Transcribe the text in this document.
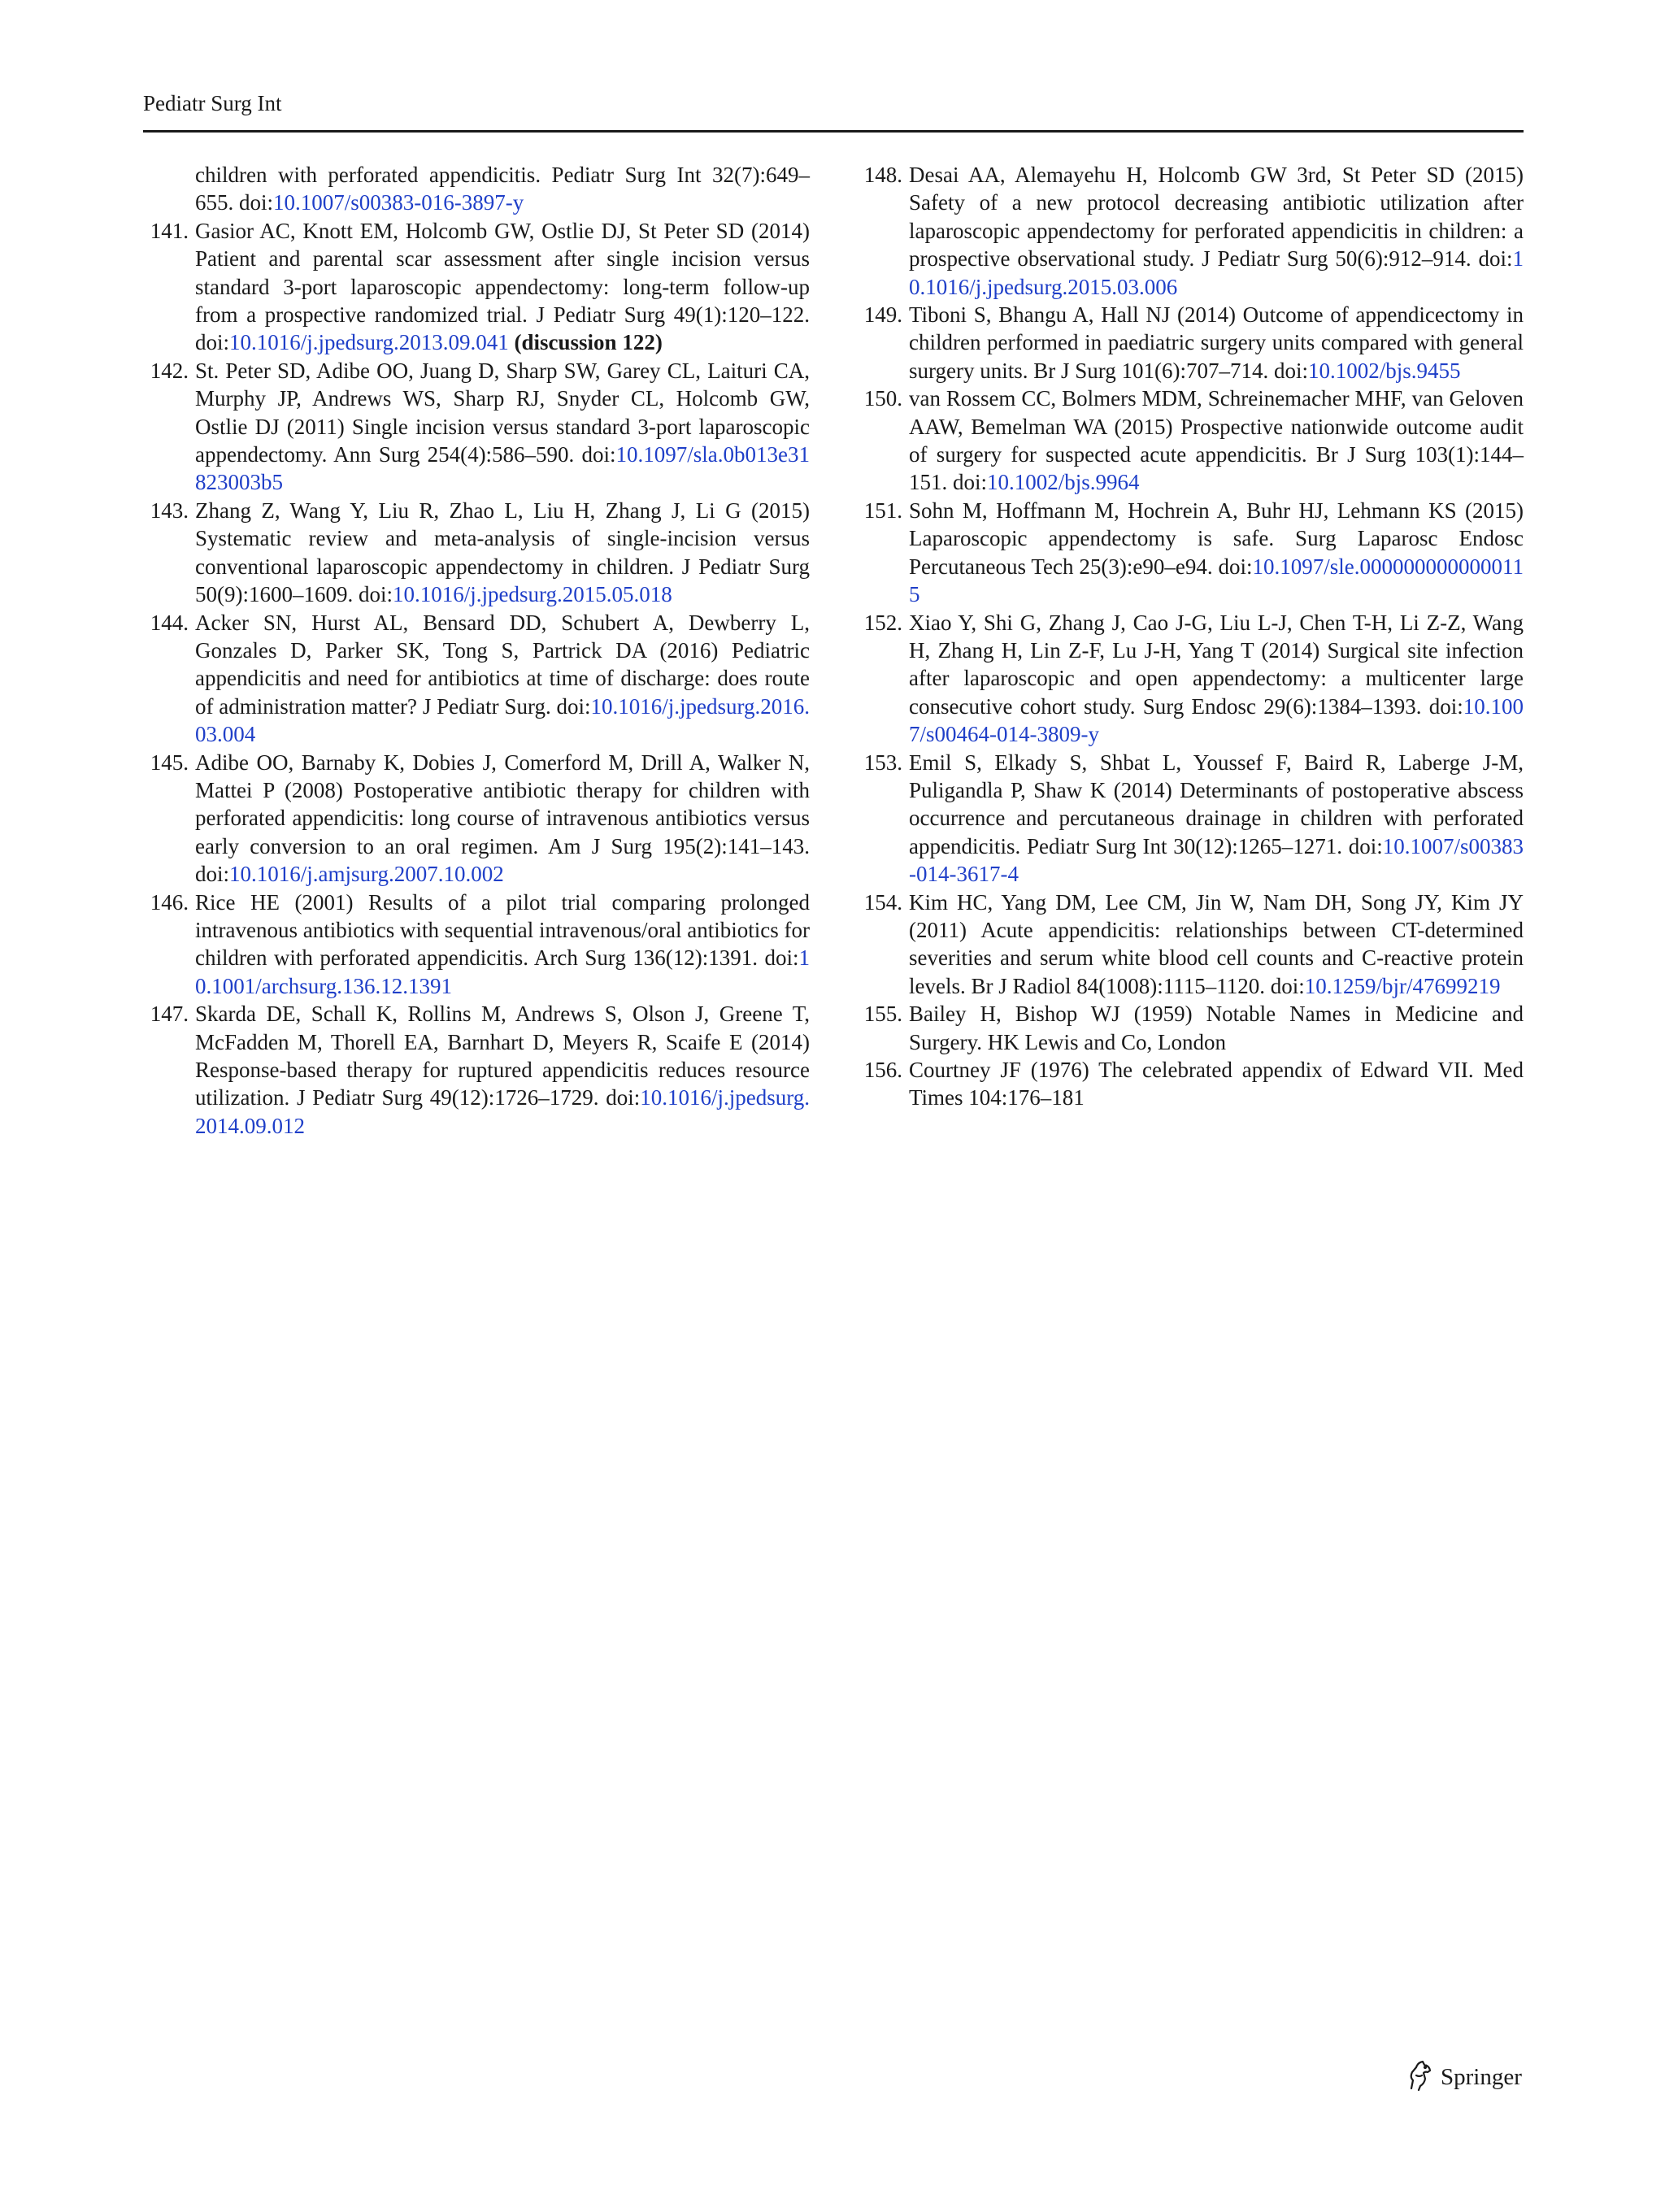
Pediatr Surg Int
children with perforated appendicitis. Pediatr Surg Int 32(7):649–655. doi:10.1007/s00383-016-3897-y
141. Gasior AC, Knott EM, Holcomb GW, Ostlie DJ, St Peter SD (2014) Patient and parental scar assessment after single incision versus standard 3-port laparoscopic appendectomy: long-term follow-up from a prospective randomized trial. J Pediatr Surg 49(1):120–122. doi:10.1016/j.jpedsurg.2013.09.041 (discussion 122)
142. St. Peter SD, Adibe OO, Juang D, Sharp SW, Garey CL, Laituri CA, Murphy JP, Andrews WS, Sharp RJ, Snyder CL, Holcomb GW, Ostlie DJ (2011) Single incision versus standard 3-port laparoscopic appendectomy. Ann Surg 254(4):586–590. doi:10.1097/sla.0b013e31823003b5
143. Zhang Z, Wang Y, Liu R, Zhao L, Liu H, Zhang J, Li G (2015) Systematic review and meta-analysis of single-incision versus conventional laparoscopic appendectomy in children. J Pediatr Surg 50(9):1600–1609. doi:10.1016/j.jpedsurg.2015.05.018
144. Acker SN, Hurst AL, Bensard DD, Schubert A, Dewberry L, Gonzales D, Parker SK, Tong S, Partrick DA (2016) Pediatric appendicitis and need for antibiotics at time of discharge: does route of administration matter? J Pediatr Surg. doi:10.1016/j.jpedsurg.2016.03.004
145. Adibe OO, Barnaby K, Dobies J, Comerford M, Drill A, Walker N, Mattei P (2008) Postoperative antibiotic therapy for children with perforated appendicitis: long course of intravenous antibiotics versus early conversion to an oral regimen. Am J Surg 195(2):141–143. doi:10.1016/j.amjsurg.2007.10.002
146. Rice HE (2001) Results of a pilot trial comparing prolonged intravenous antibiotics with sequential intravenous/oral antibiotics for children with perforated appendicitis. Arch Surg 136(12):1391. doi:10.1001/archsurg.136.12.1391
147. Skarda DE, Schall K, Rollins M, Andrews S, Olson J, Greene T, McFadden M, Thorell EA, Barnhart D, Meyers R, Scaife E (2014) Response-based therapy for ruptured appendicitis reduces resource utilization. J Pediatr Surg 49(12):1726–1729. doi:10.1016/j.jpedsurg.2014.09.012
148. Desai AA, Alemayehu H, Holcomb GW 3rd, St Peter SD (2015) Safety of a new protocol decreasing antibiotic utilization after laparoscopic appendectomy for perforated appendicitis in children: a prospective observational study. J Pediatr Surg 50(6):912–914. doi:10.1016/j.jpedsurg.2015.03.006
149. Tiboni S, Bhangu A, Hall NJ (2014) Outcome of appendicectomy in children performed in paediatric surgery units compared with general surgery units. Br J Surg 101(6):707–714. doi:10.1002/bjs.9455
150. van Rossem CC, Bolmers MDM, Schreinemacher MHF, van Geloven AAW, Bemelman WA (2015) Prospective nationwide outcome audit of surgery for suspected acute appendicitis. Br J Surg 103(1):144–151. doi:10.1002/bjs.9964
151. Sohn M, Hoffmann M, Hochrein A, Buhr HJ, Lehmann KS (2015) Laparoscopic appendectomy is safe. Surg Laparosc Endosc Percutaneous Tech 25(3):e90–e94. doi:10.1097/sle.0000000000000115
152. Xiao Y, Shi G, Zhang J, Cao J-G, Liu L-J, Chen T-H, Li Z-Z, Wang H, Zhang H, Lin Z-F, Lu J-H, Yang T (2014) Surgical site infection after laparoscopic and open appendectomy: a multicenter large consecutive cohort study. Surg Endosc 29(6):1384–1393. doi:10.1007/s00464-014-3809-y
153. Emil S, Elkady S, Shbat L, Youssef F, Baird R, Laberge J-M, Puligandla P, Shaw K (2014) Determinants of postoperative abscess occurrence and percutaneous drainage in children with perforated appendicitis. Pediatr Surg Int 30(12):1265–1271. doi:10.1007/s00383-014-3617-4
154. Kim HC, Yang DM, Lee CM, Jin W, Nam DH, Song JY, Kim JY (2011) Acute appendicitis: relationships between CT-determined severities and serum white blood cell counts and C-reactive protein levels. Br J Radiol 84(1008):1115–1120. doi:10.1259/bjr/47699219
155. Bailey H, Bishop WJ (1959) Notable Names in Medicine and Surgery. HK Lewis and Co, London
156. Courtney JF (1976) The celebrated appendix of Edward VII. Med Times 104:176–181
Springer
